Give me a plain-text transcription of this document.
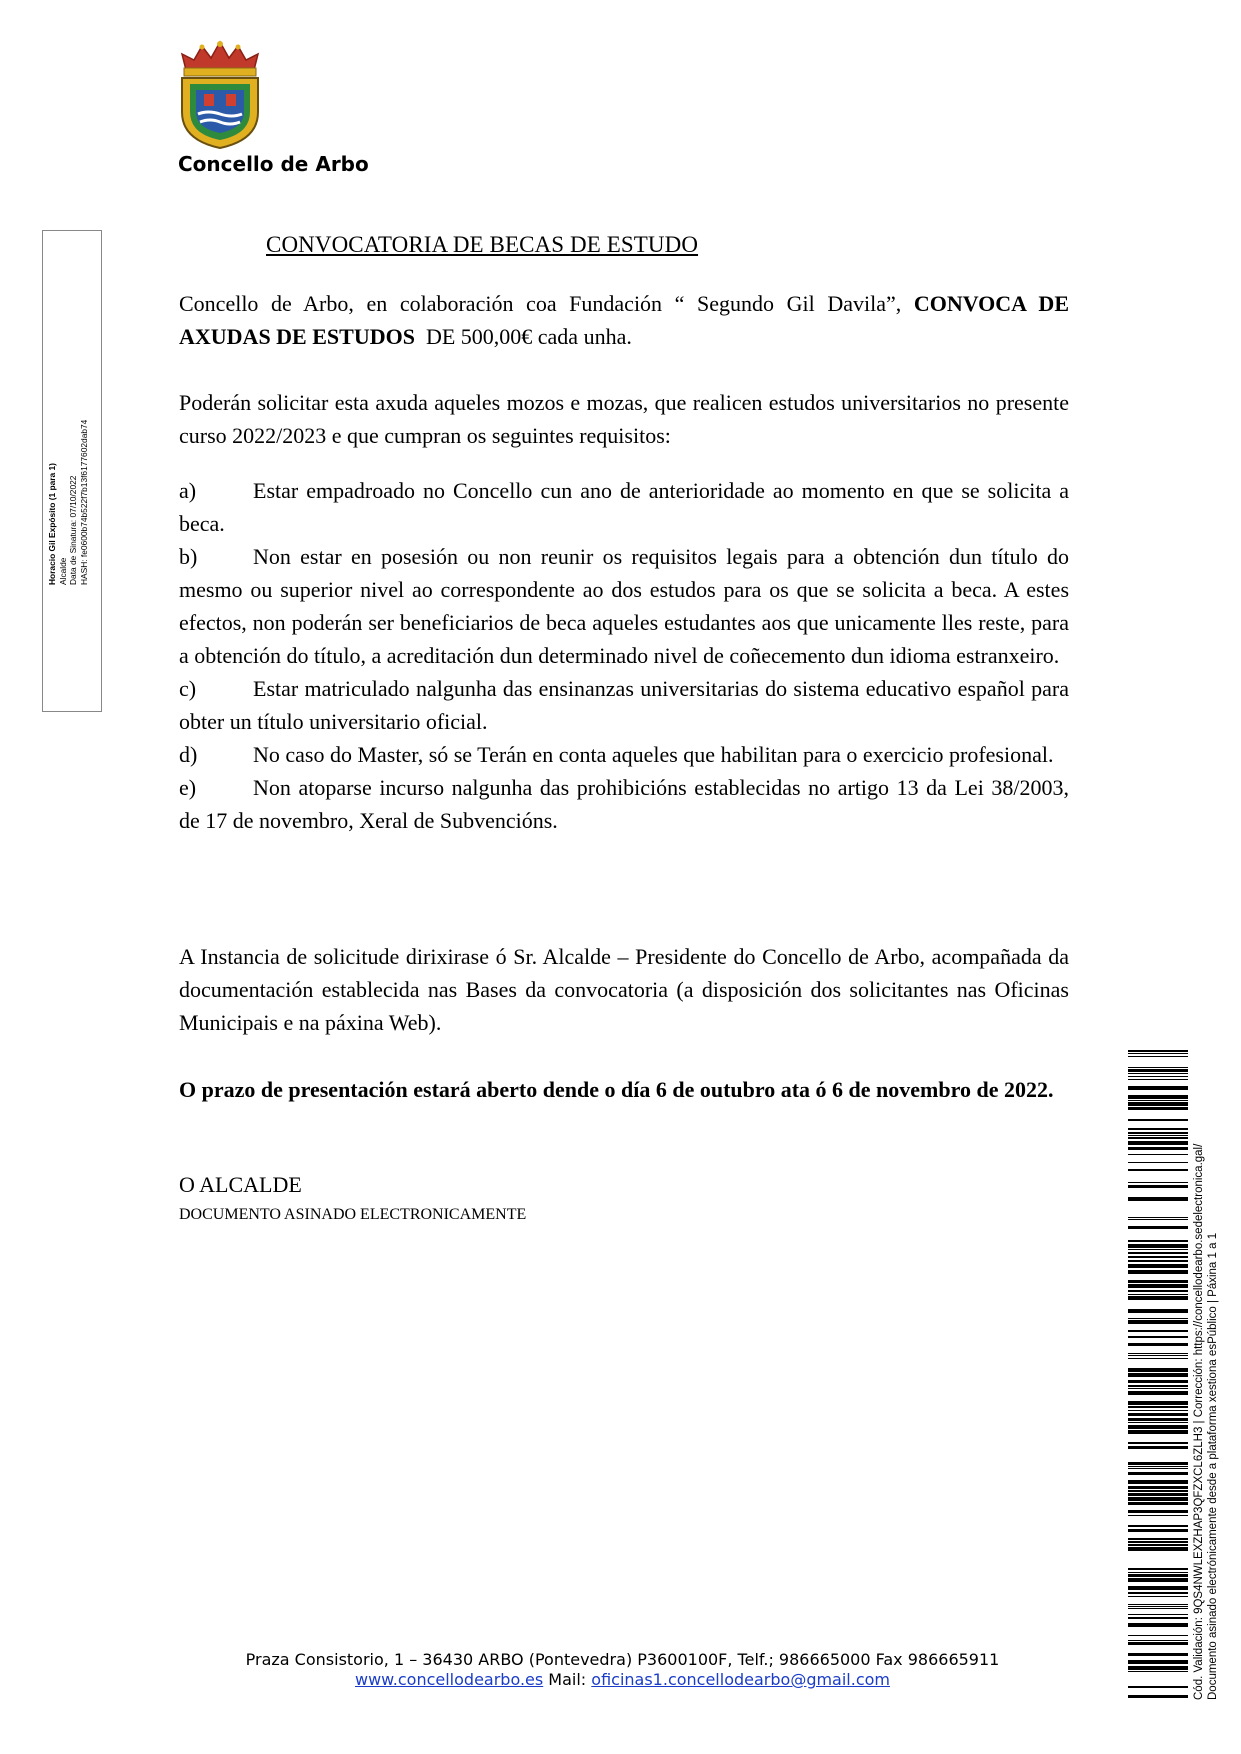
Concello de Arbo
Horacio Gil Expósito (1 para 1) Alcalde Data de Sinatura: 07/10/2022 HASH: fe0600b74b522f7b13f6177602dab74
CONVOCATORIA DE BECAS DE ESTUDO
Concello de Arbo, en colaboración coa Fundación “ Segundo Gil Davila”, CONVOCA DE AXUDAS DE ESTUDOS  DE 500,00€ cada unha.
Poderán solicitar esta axuda aqueles mozos e mozas, que realicen estudos universitarios no presente curso 2022/2023 e que cumpran os seguintes requisitos:
a)	Estar empadroado no Concello cun ano de anterioridade ao momento en que se solicita a beca.
b)	Non estar en posesión ou non reunir os requisitos legais para a obtención dun título do mesmo ou superior nivel ao correspondente ao dos estudos para os que se solicita a beca. A estes efectos, non poderán ser beneficiarios de beca aqueles estudantes aos que unicamente lles reste, para a obtención do título, a acreditación dun determinado nivel de coñecemento dun idioma estranxeiro.
c)	Estar matriculado nalgunha das ensinanzas universitarias do sistema educativo español para obter un título universitario oficial.
d)	No caso do Master, só se Terán en conta aqueles que habilitan para o exercicio profesional.
e)	Non atoparse incurso nalgunha das prohibicións establecidas no artigo 13 da Lei 38/2003, de 17 de novembro, Xeral de Subvencións.
A Instancia de solicitude dirixirase ó Sr. Alcalde – Presidente do Concello de Arbo, acompañada da documentación establecida nas Bases da convocatoria (a disposición dos solicitantes nas Oficinas Municipais e na páxina Web).
O prazo de presentación estará aberto dende o día 6 de outubro ata ó 6 de novembro de 2022.
O ALCALDE
DOCUMENTO ASINADO ELECTRONICAMENTE
Praza Consistorio, 1 – 36430 ARBO (Pontevedra) P3600100F, Telf.; 986665000 Fax 986665911
www.concellodearbo.es Mail: oficinas1.concellodearbo@gmail.com	Cód. Validación: 9QS4NWLEXZHAP3QFZXCL6ZLH3 | Corrección: https://concellodearbo.sedelectronica.gal/ Documento asinado electrónicamente desde a plataforma xestiona esPúblico | Páxina 1 a 1
